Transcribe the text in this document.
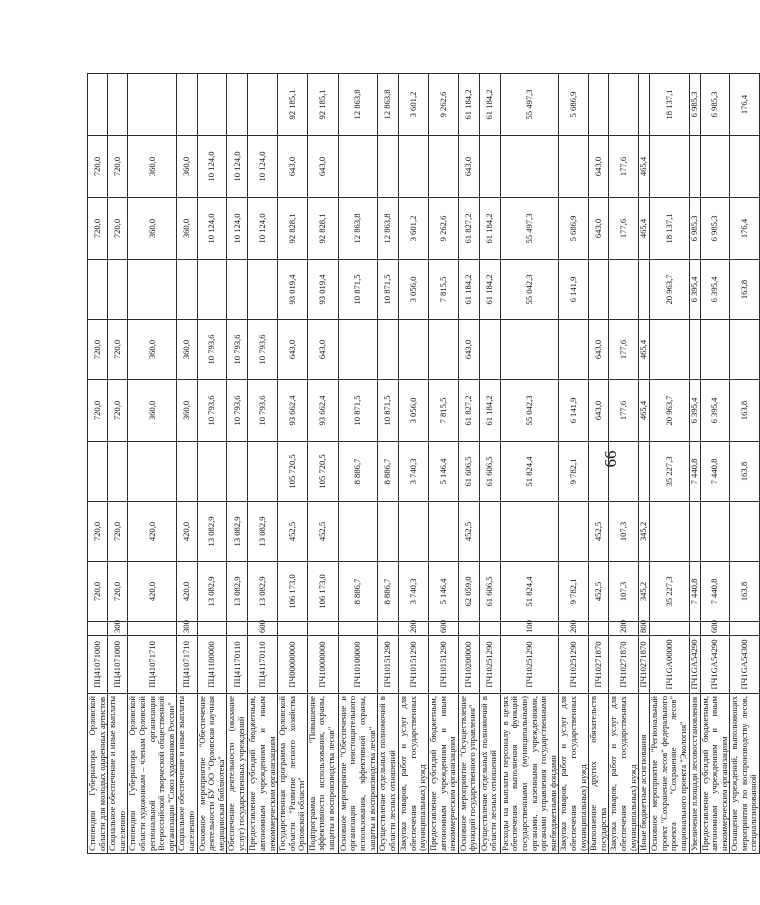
66
Стипендии Губернатора Орловской области для молодых одаренных артистов	ПЦ41071000		720,0	720,0		720,0	720,0		720,0	720,0	
Социальное обеспечение и иные выплаты населению	ПЦ41071000	300	720,0	720,0		720,0	720,0		720,0	720,0	
Стипендии Губернатора Орловской области художникам – членам Орловской региональной организации Всероссийской творческой общественной организации "Союз художников России"	ПЦ41071710		420,0	420,0		360,0	360,0		360,0	360,0	
Социальное обеспечение и иные выплаты населению	ПЦ41071710	300	420,0	420,0		360,0	360,0		360,0	360,0	
Основное мероприятие "Обеспечение деятельности БУ ОО "Орловская научная медицинская библиотека"	ПЦ41100000		13 082,9	13 082,9		10 793,6	10 793,6		10 124,0	10 124,0	
Обеспечение деятельности (оказание услуг) государственных учреждений	ПЦ41170110		13 082,9	13 082,9		10 793,6	10 793,6		10 124,0	10 124,0	
Предоставление субсидий бюджетным, автономным учреждениям и иным некоммерческим организациям	ПЦ41170110	600	13 082,9	13 082,9		10 793,6	10 793,6		10 124,0	10 124,0	
Государственная программа Орловской области "Развитие лесного хозяйства Орловской области"	ПЧ00000000		106 173,0	452,5	105 720,5	93 662,4	643,0	93 019,4	92 828,1	643,0	92 185,1
Подпрограмма "Повышение эффективности использования, охраны, защиты и воспроизводства лесов"	ПЧ10000000		106 173,0	452,5	105 720,5	93 662,4	643,0	93 019,4	92 828,1	643,0	92 185,1
Основное мероприятие "Обеспечение и организация неистощительного использования, эффективной охраны, защиты и воспроизводства лесов"	ПЧ10100000		8 886,7		8 886,7	10 871,5		10 871,5	12 863,8		12 863,8
Осуществление отдельных полномочий в области лесных отношений	ПЧ10151290		8 886,7		8 886,7	10 871,5		10 871,5	12 863,8		12 863,8
Закупка товаров, работ и услуг для обеспечения государственных (муниципальных) нужд	ПЧ10151290	200	3 740,3		3 740,3	3 056,0		3 056,0	3 601,2		3 601,2
Предоставление субсидий бюджетным, автономным учреждениям и иным некоммерческим организациям	ПЧ10151290	600	5 146,4		5 146,4	7 815,5		7 815,5	9 262,6		9 262,6
Основное мероприятие "Осуществление функций государственного управления"	ПЧ10200000		62 059,0	452,5	61 606,5	61 827,2	643,0	61 184,2	61 827,2	643,0	61 184,2
Осуществление отдельных полномочий в области лесных отношений	ПЧ10251290		61 606,5		61 606,5	61 184,2		61 184,2	61 184,2		61 184,2
Расходы на выплаты персоналу в целях обеспечения выполнения функций государственными (муниципальными) органами, казенными учреждениями, органами управления государственными внебюджетными фондами	ПЧ10251290	100	51 824,4		51 824,4	55 042,3		55 042,3	55 497,3		55 497,3
Закупка товаров, работ и услуг для обеспечения государственных (муниципальных) нужд	ПЧ10251290	200	9 782,1		9 782,1	6 141,9		6 141,9	5 686,9		5 686,9
Выполнение других обязательств государства	ПЧ10271870		452,5	452,5		643,0	643,0		643,0	643,0	
Закупка товаров, работ и услуг для обеспечения государственных (муниципальных) нужд	ПЧ10271870	200	107,3	107,3		177,6	177,6		177,6	177,6	
Иные бюджетные ассигнования	ПЧ10271870	800	345,2	345,2		465,4	465,4		465,4	465,4	
Основное мероприятие "Региональный проект "Сохранение лесов" федерального проекта "Сохранение лесов" национального проекта "Экология"	ПЧ1GA00000		35 227,3		35 227,3	20 963,7		20 963,7	18 137,1		18 137,1
Увеличение площади лесовосстановления	ПЧ1GA54290		7 440,8		7 440,8	6 395,4		6 395,4	6 985,3		6 985,3
Предоставление субсидий бюджетным, автономным учреждениям и иным некоммерческим организациям	ПЧ1GA54290	600	7 440,8		7 440,8	6 395,4		6 395,4	6 985,3		6 985,3
Оснащение учреждений, выполняющих мероприятия по воспроизводству лесов, специализированной	ПЧ1GA54300		163,8		163,8	163,8		163,8	176,4		176,4
